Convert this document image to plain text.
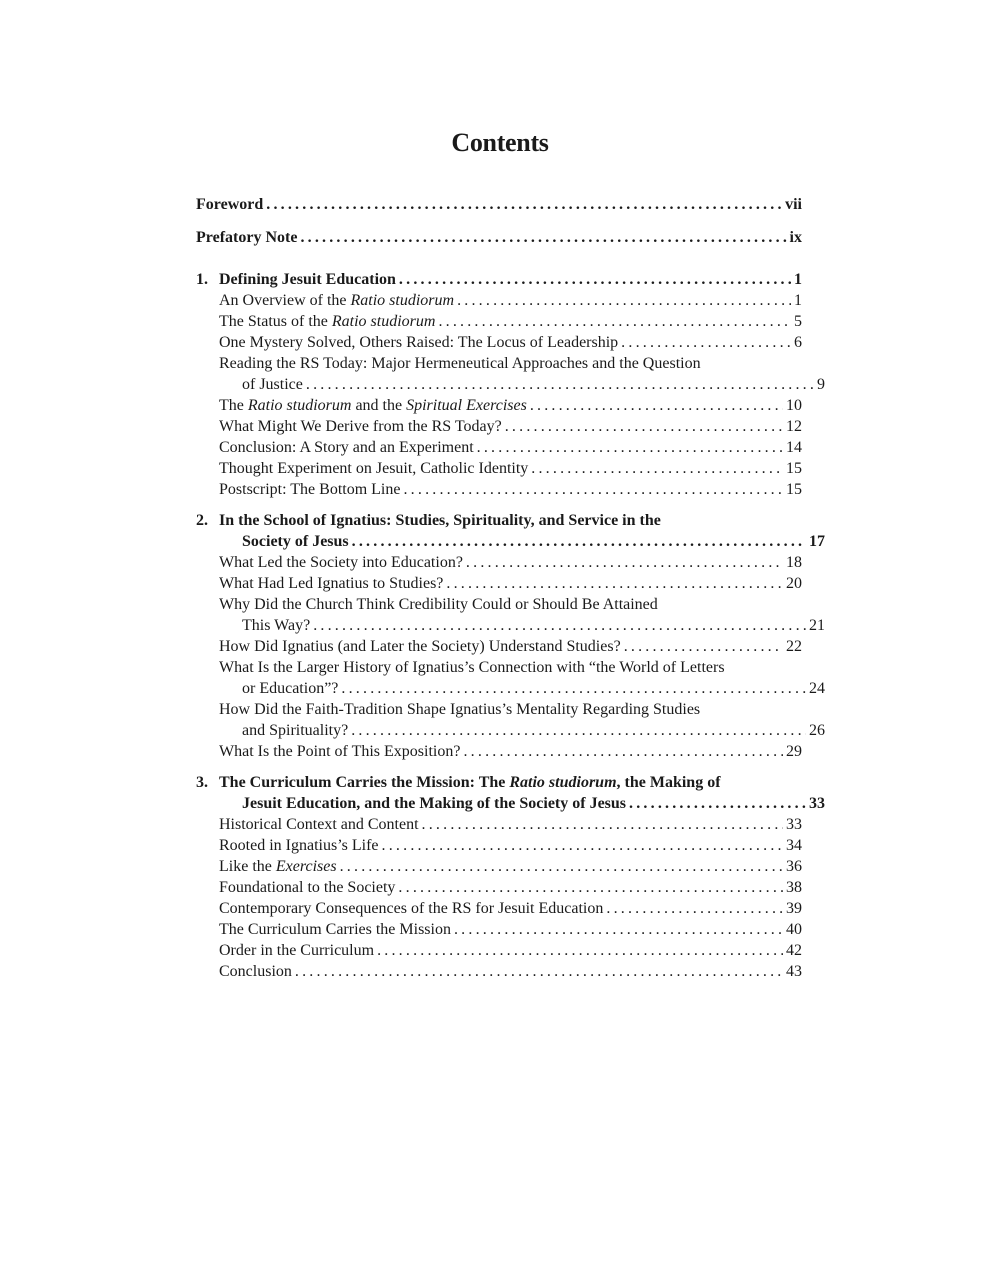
Contents
Foreword .....	vii
Prefatory Note .....	ix
1. Defining Jesuit Education .....	1
An Overview of the Ratio studiorum .....	1
The Status of the Ratio studiorum .....	5
One Mystery Solved, Others Raised: The Locus of Leadership .....	6
Reading the RS Today: Major Hermeneutical Approaches and the Question
of Justice .....	9
The Ratio studiorum and the Spiritual Exercises .....	10
What Might We Derive from the RS Today? .....	12
Conclusion: A Story and an Experiment .....	14
Thought Experiment on Jesuit, Catholic Identity .....	15
Postscript: The Bottom Line .....	15
2. In the School of Ignatius: Studies, Spirituality, and Service in the
Society of Jesus .....	17
What Led the Society into Education? .....	18
What Had Led Ignatius to Studies? .....	20
Why Did the Church Think Credibility Could or Should Be Attained
This Way? .....	21
How Did Ignatius (and Later the Society) Understand Studies? .....	22
What Is the Larger History of Ignatius’s Connection with “the World of Letters
or Education”? .....	24
How Did the Faith-Tradition Shape Ignatius’s Mentality Regarding Studies
and Spirituality? .....	26
What Is the Point of This Exposition? .....	29
3. The Curriculum Carries the Mission: The Ratio studiorum, the Making of
Jesuit Education, and the Making of the Society of Jesus .....	33
Historical Context and Content .....	33
Rooted in Ignatius’s Life .....	34
Like the Exercises .....	36
Foundational to the Society .....	38
Contemporary Consequences of the RS for Jesuit Education .....	39
The Curriculum Carries the Mission .....	40
Order in the Curriculum .....	42
Conclusion .....	43
